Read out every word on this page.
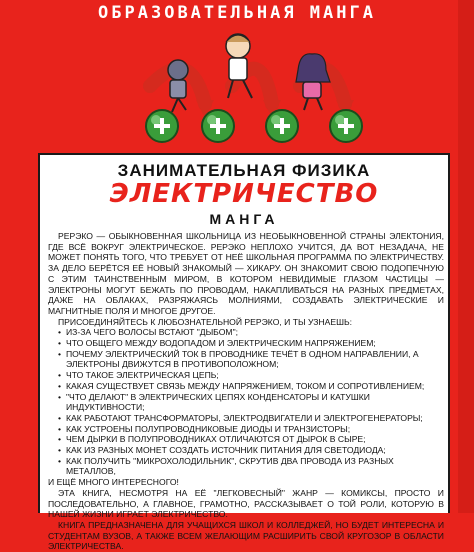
ОБРАЗОВАТЕЛЬНАЯ МАНГА
ЗАНИМАТЕЛЬНАЯ ФИЗИКА
ЭЛЕКТРИЧЕСТВО
МАНГА

РЕРЭКО — ОБЫКНОВЕННАЯ ШКОЛЬНИЦА ИЗ НЕОБЫКНОВЕННОЙ СТРАНЫ ЭЛЕКТОНИЯ, ГДЕ ВСЁ ВОКРУГ ЭЛЕКТРИЧЕСКОЕ. РЕРЭКО НЕПЛОХО УЧИТСЯ, ДА ВОТ НЕЗАДАЧА, НЕ МОЖЕТ ПОНЯТЬ ТОГО, ЧТО ТРЕБУЕТ ОТ НЕЁ ШКОЛЬНАЯ ПРОГРАММА ПО ЭЛЕКТРИЧЕСТВУ. ЗА ДЕЛО БЕРЁТСЯ ЕЁ НОВЫЙ ЗНАКОМЫЙ — ХИКАРУ. ОН ЗНАКОМИТ СВОЮ ПОДОПЕЧНУЮ С ЭТИМ ТАИНСТВЕННЫМ МИРОМ, В КОТОРОМ НЕВИДИМЫЕ ГЛАЗОМ ЧАСТИЦЫ — ЭЛЕКТРОНЫ МОГУТ БЕЖАТЬ ПО ПРОВОДАМ, НАКАПЛИВАТЬСЯ НА РАЗНЫХ ПРЕДМЕТАХ, ДАЖЕ НА ОБЛАКАХ, РАЗРЯЖАЯСЬ МОЛНИЯМИ, СОЗДАВАТЬ ЭЛЕКТРИЧЕСКИЕ И МАГНИТНЫЕ ПОЛЯ И МНОГОЕ ДРУГОЕ.

ПРИСОЕДИНЯЙТЕСЬ К ЛЮБОЗНАТЕЛЬНОЙ РЕРЭКО, И ТЫ УЗНАЕШЬ:

• ИЗ-ЗА ЧЕГО ВОЛОСЫ ВСТАЮТ "ДЫБОМ";
• ЧТО ОБЩЕГО МЕЖДУ ВОДОПАДОМ И ЭЛЕКТРИЧЕСКИМ НАПРЯЖЕНИЕМ;
• ПОЧЕМУ ЭЛЕКТРИЧЕСКИЙ ТОК В ПРОВОДНИКЕ ТЕЧЁТ В ОДНОМ НАПРАВЛЕНИИ, А ЭЛЕКТРОНЫ ДВИЖУТСЯ В ПРОТИВОПОЛОЖНОМ;
• ЧТО ТАКОЕ ЭЛЕКТРИЧЕСКАЯ ЦЕПЬ;
• КАКАЯ СУЩЕСТВУЕТ СВЯЗЬ МЕЖДУ НАПРЯЖЕНИЕМ, ТОКОМ И СОПРОТИВЛЕНИЕМ;
• "ЧТО ДЕЛАЮТ" В ЭЛЕКТРИЧЕСКИХ ЦЕПЯХ КОНДЕНСАТОРЫ И КАТУШКИ ИНДУКТИВНОСТИ;
• КАК РАБОТАЮТ ТРАНСФОРМАТОРЫ, ЭЛЕКТРОДВИГАТЕЛИ И ЭЛЕКТРОГЕНЕРАТОРЫ;
• КАК УСТРОЕНЫ ПОЛУПРОВОДНИКОВЫЕ ДИОДЫ И ТРАНЗИСТОРЫ;
• ЧЕМ ДЫРКИ В ПОЛУПРОВОДНИКАХ ОТЛИЧАЮТСЯ ОТ ДЫРОК В СЫРЕ;
• КАК ИЗ РАЗНЫХ МОНЕТ СОЗДАТЬ ИСТОЧНИК ПИТАНИЯ ДЛЯ СВЕТОДИОДА;
• КАК ПОЛУЧИТЬ "МИКРОХОЛОДИЛЬНИК", СКРУТИВ ДВА ПРОВОДА ИЗ РАЗНЫХ МЕТАЛЛОВ,
И ЕЩЁ МНОГО ИНТЕРЕСНОГО!

ЭТА КНИГА, НЕСМОТРЯ НА ЕЁ "ЛЕГКОВЕСНЫЙ" ЖАНР — КОМИКСЫ, ПРОСТО И ПОСЛЕДОВАТЕЛЬНО, А ГЛАВНОЕ, ГРАМОТНО, РАССКАЗЫВАЕТ О ТОЙ РОЛИ, КОТОРУЮ В НАШЕЙ ЖИЗНИ ИГРАЕТ ЭЛЕКТРИЧЕСТВО.

КНИГА ПРЕДНАЗНАЧЕНА ДЛЯ УЧАЩИХСЯ ШКОЛ И КОЛЛЕДЖЕЙ, НО БУДЕТ ИНТЕРЕСНА И СТУДЕНТАМ ВУЗОВ, А ТАКЖЕ ВСЕМ ЖЕЛАЮЩИМ РАСШИРИТЬ СВОЙ КРУГОЗОР В ОБЛАСТИ ЭЛЕКТРИЧЕСТВА.
